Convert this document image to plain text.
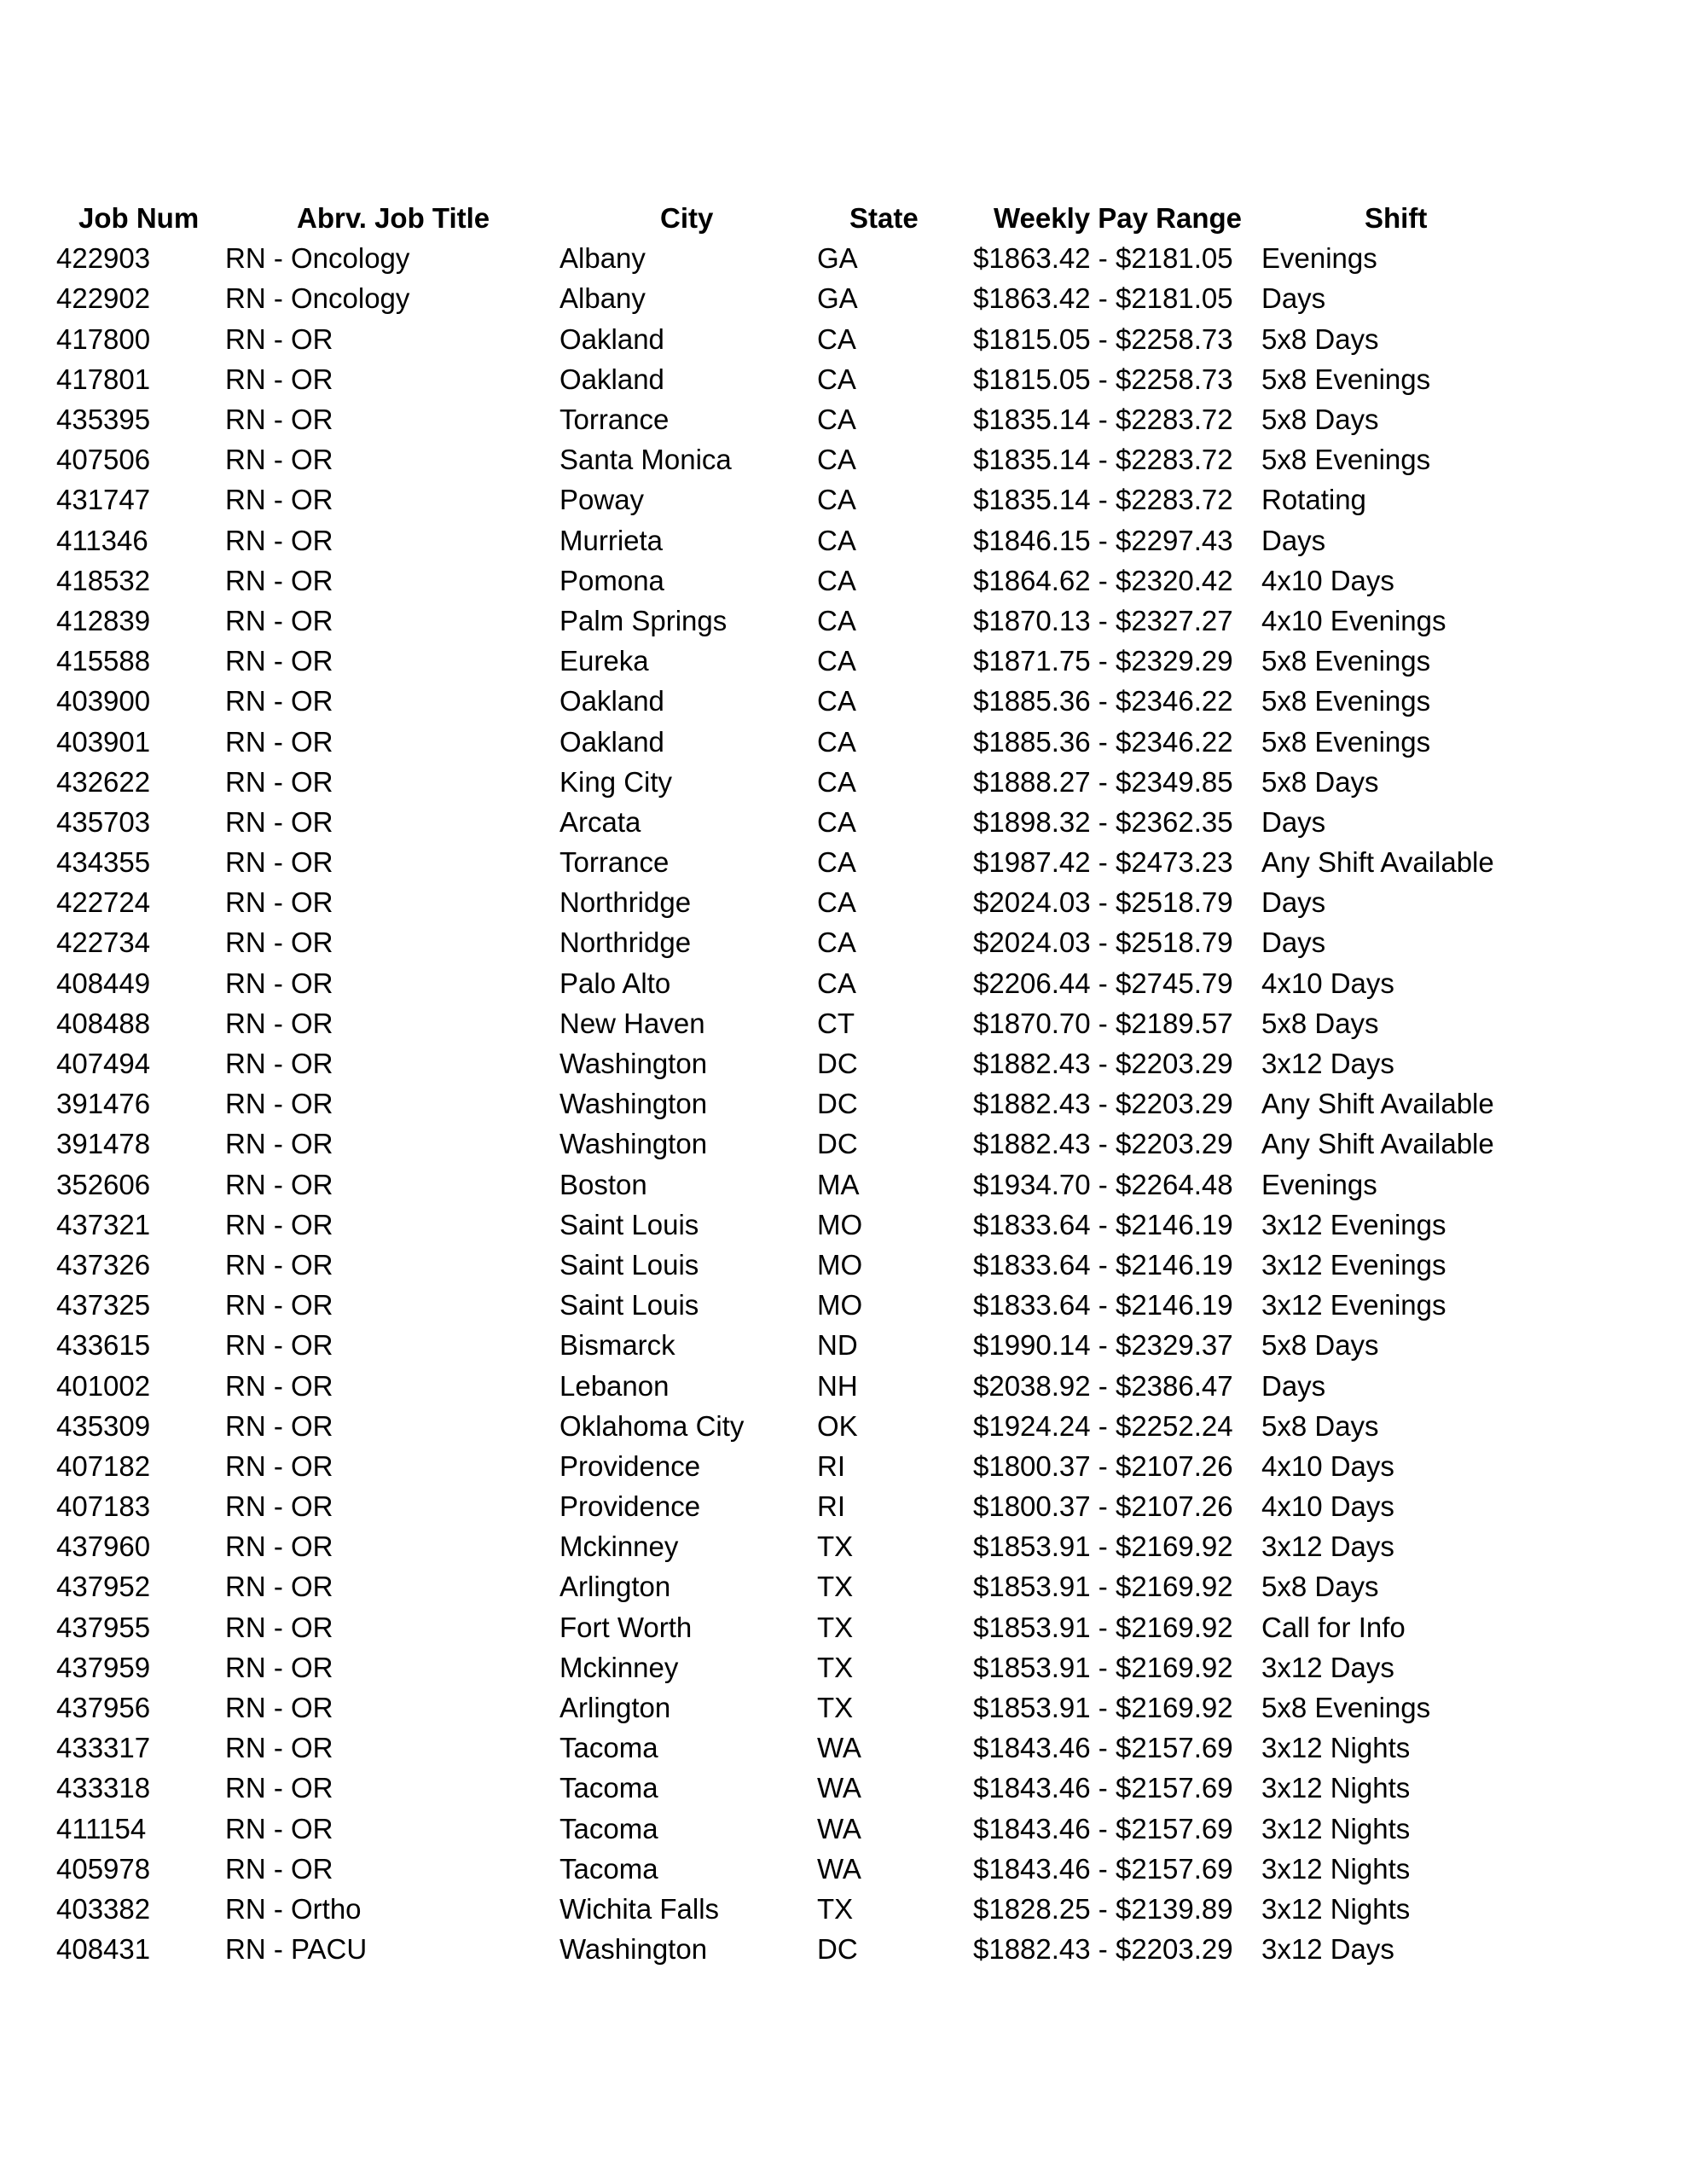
Job Num	Abrv. Job Title	City	State	Weekly Pay Range	Shift
422903	RN - Oncology	Albany	GA	$1863.42 - $2181.05	Evenings
422902	RN - Oncology	Albany	GA	$1863.42 - $2181.05	Days
417800	RN - OR	Oakland	CA	$1815.05 - $2258.73	5x8 Days
417801	RN - OR	Oakland	CA	$1815.05 - $2258.73	5x8 Evenings
435395	RN - OR	Torrance	CA	$1835.14 - $2283.72	5x8 Days
407506	RN - OR	Santa Monica	CA	$1835.14 - $2283.72	5x8 Evenings
431747	RN - OR	Poway	CA	$1835.14 - $2283.72	Rotating
411346	RN - OR	Murrieta	CA	$1846.15 - $2297.43	Days
418532	RN - OR	Pomona	CA	$1864.62 - $2320.42	4x10 Days
412839	RN - OR	Palm Springs	CA	$1870.13 - $2327.27	4x10 Evenings
415588	RN - OR	Eureka	CA	$1871.75 - $2329.29	5x8 Evenings
403900	RN - OR	Oakland	CA	$1885.36 - $2346.22	5x8 Evenings
403901	RN - OR	Oakland	CA	$1885.36 - $2346.22	5x8 Evenings
432622	RN - OR	King City	CA	$1888.27 - $2349.85	5x8 Days
435703	RN - OR	Arcata	CA	$1898.32 - $2362.35	Days
434355	RN - OR	Torrance	CA	$1987.42 - $2473.23	Any Shift Available
422724	RN - OR	Northridge	CA	$2024.03 - $2518.79	Days
422734	RN - OR	Northridge	CA	$2024.03 - $2518.79	Days
408449	RN - OR	Palo Alto	CA	$2206.44 - $2745.79	4x10 Days
408488	RN - OR	New Haven	CT	$1870.70 - $2189.57	5x8 Days
407494	RN - OR	Washington	DC	$1882.43 - $2203.29	3x12 Days
391476	RN - OR	Washington	DC	$1882.43 - $2203.29	Any Shift Available
391478	RN - OR	Washington	DC	$1882.43 - $2203.29	Any Shift Available
352606	RN - OR	Boston	MA	$1934.70 - $2264.48	Evenings
437321	RN - OR	Saint Louis	MO	$1833.64 - $2146.19	3x12 Evenings
437326	RN - OR	Saint Louis	MO	$1833.64 - $2146.19	3x12 Evenings
437325	RN - OR	Saint Louis	MO	$1833.64 - $2146.19	3x12 Evenings
433615	RN - OR	Bismarck	ND	$1990.14 - $2329.37	5x8 Days
401002	RN - OR	Lebanon	NH	$2038.92 - $2386.47	Days
435309	RN - OR	Oklahoma City	OK	$1924.24 - $2252.24	5x8 Days
407182	RN - OR	Providence	RI	$1800.37 - $2107.26	4x10 Days
407183	RN - OR	Providence	RI	$1800.37 - $2107.26	4x10 Days
437960	RN - OR	Mckinney	TX	$1853.91 - $2169.92	3x12 Days
437952	RN - OR	Arlington	TX	$1853.91 - $2169.92	5x8 Days
437955	RN - OR	Fort Worth	TX	$1853.91 - $2169.92	Call for Info
437959	RN - OR	Mckinney	TX	$1853.91 - $2169.92	3x12 Days
437956	RN - OR	Arlington	TX	$1853.91 - $2169.92	5x8 Evenings
433317	RN - OR	Tacoma	WA	$1843.46 - $2157.69	3x12 Nights
433318	RN - OR	Tacoma	WA	$1843.46 - $2157.69	3x12 Nights
411154	RN - OR	Tacoma	WA	$1843.46 - $2157.69	3x12 Nights
405978	RN - OR	Tacoma	WA	$1843.46 - $2157.69	3x12 Nights
403382	RN - Ortho	Wichita Falls	TX	$1828.25 - $2139.89	3x12 Nights
408431	RN - PACU	Washington	DC	$1882.43 - $2203.29	3x12 Days
